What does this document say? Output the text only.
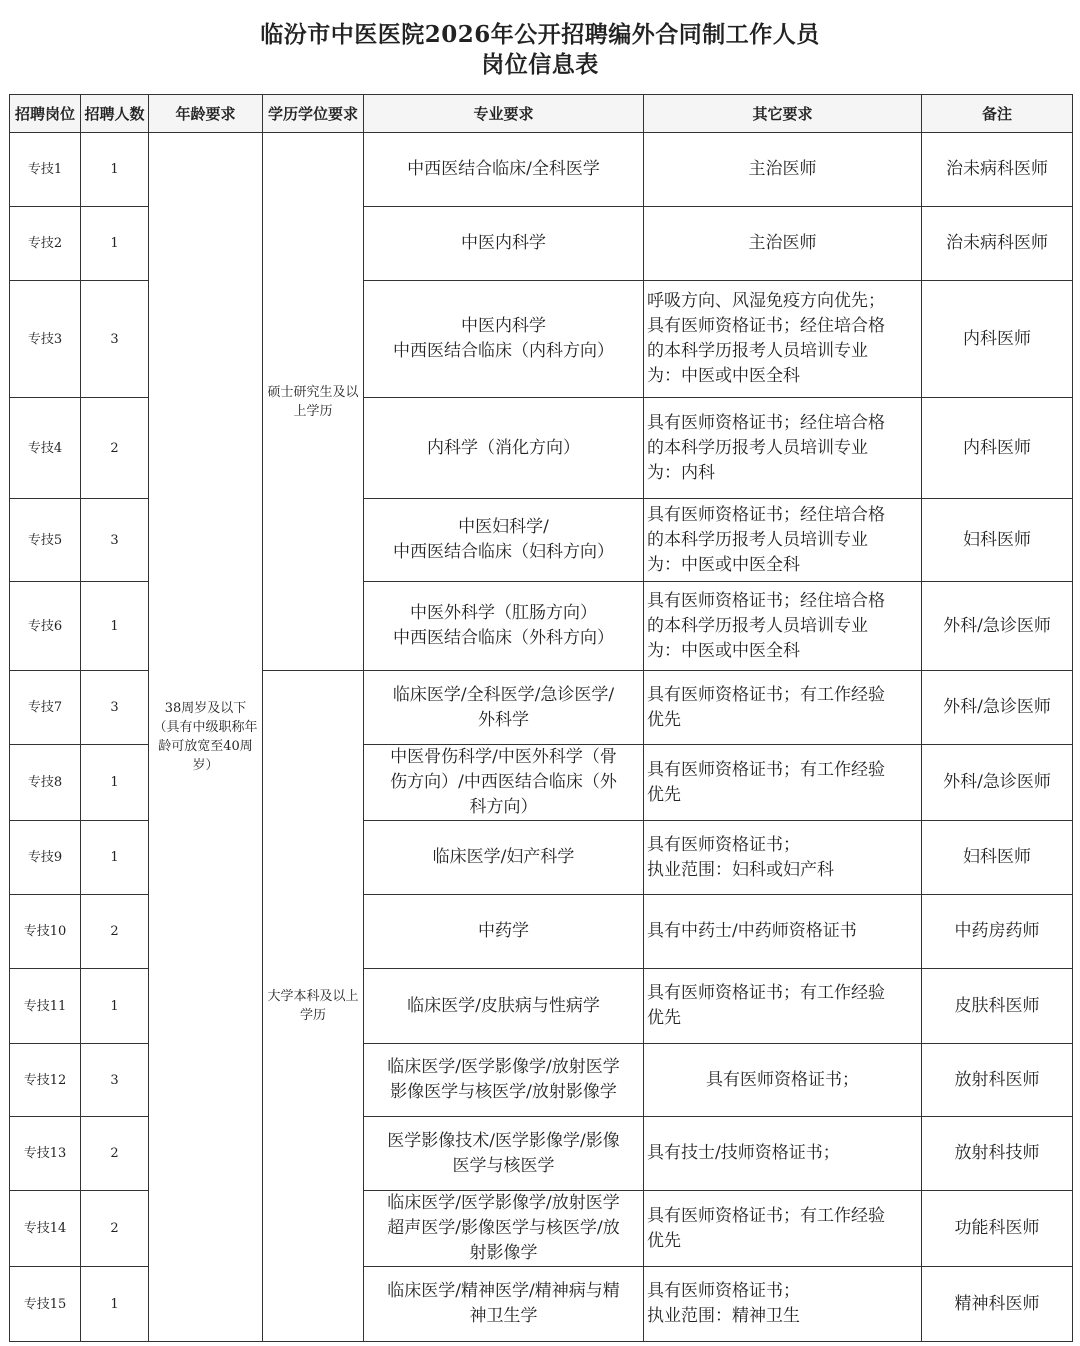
临汾市中医医院2026年公开招聘编外合同制工作人员
岗位信息表
招聘岗位	招聘人数	年龄要求	学历学位要求	专业要求	其它要求	备注
专技1	1	38周岁及以下（具有中级职称年龄可放宽至40周岁）	硕士研究生及以上学历	中西医结合临床/全科医学	主治医师	治未病科医师
专技2	1			中医内科学	主治医师	治未病科医师
专技3	3			中医内科学
中西医结合临床（内科方向）	呼吸方向、风湿免疫方向优先；
具有医师资格证书；经住培合格
的本科学历报考人员培训专业
为：中医或中医全科	内科医师
专技4	2			内科学（消化方向）	具有医师资格证书；经住培合格
的本科学历报考人员培训专业
为：内科	内科医师
专技5	3			中医妇科学/
中西医结合临床（妇科方向）	具有医师资格证书；经住培合格
的本科学历报考人员培训专业
为：中医或中医全科	妇科医师
专技6	1			中医外科学（肛肠方向）
中西医结合临床（外科方向）	具有医师资格证书；经住培合格
的本科学历报考人员培训专业
为：中医或中医全科	外科/急诊医师
专技7	3		大学本科及以上学历	临床医学/全科医学/急诊医学/
外科学	具有医师资格证书；有工作经验
优先	外科/急诊医师
专技8	1			中医骨伤科学/中医外科学（骨
伤方向）/中西医结合临床（外
科方向）	具有医师资格证书；有工作经验
优先	外科/急诊医师
专技9	1			临床医学/妇产科学	具有医师资格证书；
执业范围：妇科或妇产科	妇科医师
专技10	2			中药学	具有中药士/中药师资格证书	中药房药师
专技11	1			临床医学/皮肤病与性病学	具有医师资格证书；有工作经验
优先	皮肤科医师
专技12	3			临床医学/医学影像学/放射医学
影像医学与核医学/放射影像学	具有医师资格证书；	放射科医师
专技13	2			医学影像技术/医学影像学/影像
医学与核医学	具有技士/技师资格证书；	放射科技师
专技14	2			临床医学/医学影像学/放射医学
超声医学/影像医学与核医学/放
射影像学	具有医师资格证书；有工作经验
优先	功能科医师
专技15	1			临床医学/精神医学/精神病与精
神卫生学	具有医师资格证书；
执业范围：精神卫生	精神科医师
